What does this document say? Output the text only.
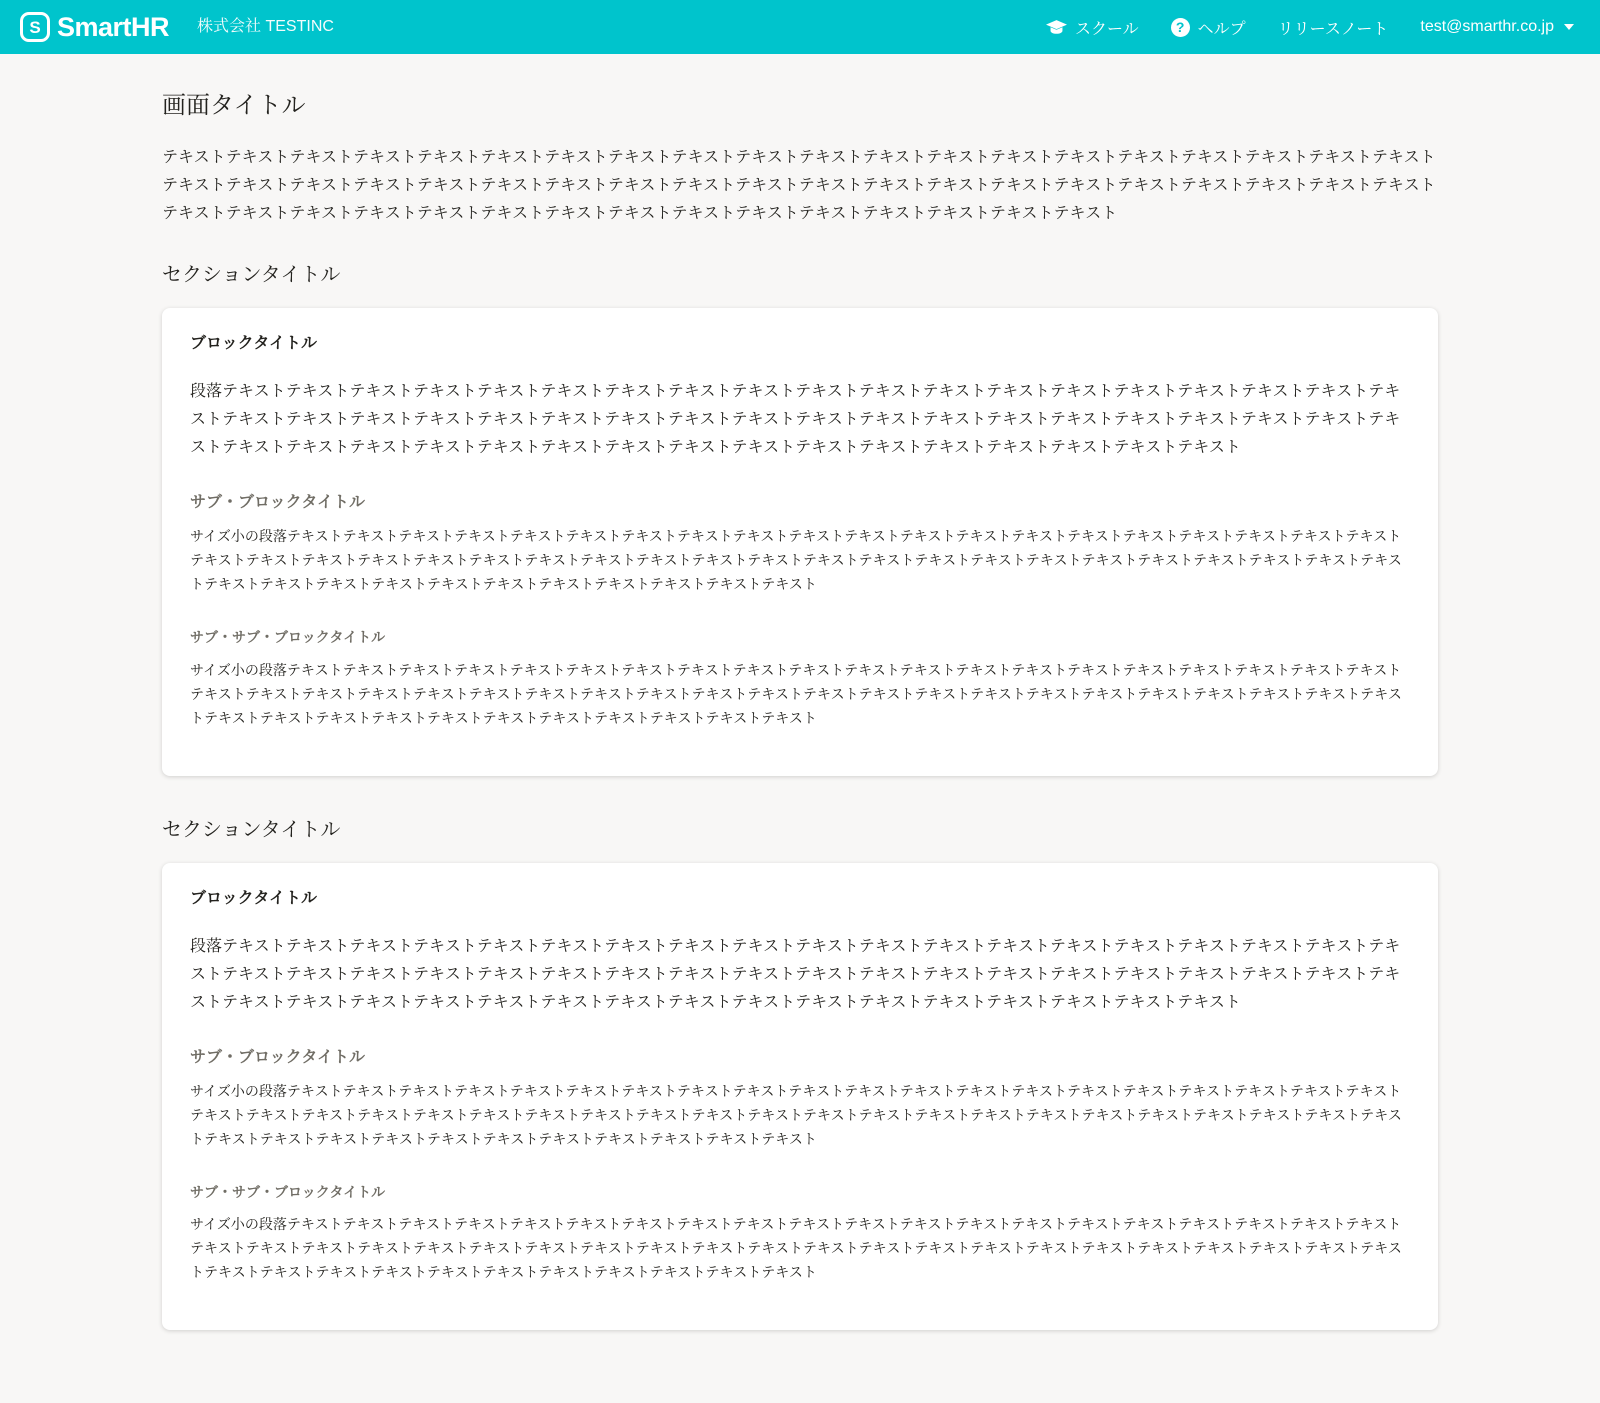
S SmartHR 株式会社 TESTINC	スクール	? ヘルプ リリースノート test@smarthr.co.jp
画面タイトル

テキストテキストテキストテキストテキストテキストテキストテキストテキストテキストテキストテキストテキストテキストテキストテキストテキストテキストテキストテキストテキストテキストテキストテキストテキストテキストテキストテキストテキストテキストテキストテキストテキストテキストテキストテキストテキストテキストテキストテキストテキストテキストテキストテキストテキストテキストテキストテキストテキストテキストテキストテキストテキストテキストテキスト

セクションタイトル
ブロックタイトル

段落テキストテキストテキストテキストテキストテキストテキストテキストテキストテキストテキストテキストテキストテキストテキストテキストテキストテキストテキストテキストテキストテキストテキストテキストテキストテキストテキストテキストテキストテキストテキストテキストテキストテキストテキストテキストテキストテキストテキストテキストテキストテキストテキストテキストテキストテキストテキストテキストテキストテキストテキストテキストテキストテキスト

サブ・ブロックタイトル

サイズ小の段落テキストテキストテキストテキストテキストテキストテキストテキストテキストテキストテキストテキストテキストテキストテキストテキストテキストテキストテキストテキストテキストテキストテキストテキストテキストテキストテキストテキストテキストテキストテキストテキストテキストテキストテキストテキストテキストテキストテキストテキストテキストテキストテキストテキストテキストテキストテキストテキストテキストテキストテキストテキストテキスト

サブ・サブ・ブロックタイトル

サイズ小の段落テキストテキストテキストテキストテキストテキストテキストテキストテキストテキストテキストテキストテキストテキストテキストテキストテキストテキストテキストテキストテキストテキストテキストテキストテキストテキストテキストテキストテキストテキストテキストテキストテキストテキストテキストテキストテキストテキストテキストテキストテキストテキストテキストテキストテキストテキストテキストテキストテキストテキストテキストテキストテキスト

セクションタイトル
ブロックタイトル

段落テキストテキストテキストテキストテキストテキストテキストテキストテキストテキストテキストテキストテキストテキストテキストテキストテキストテキストテキストテキストテキストテキストテキストテキストテキストテキストテキストテキストテキストテキストテキストテキストテキストテキストテキストテキストテキストテキストテキストテキストテキストテキストテキストテキストテキストテキストテキストテキストテキストテキストテキストテキストテキストテキスト

サブ・ブロックタイトル

サイズ小の段落テキストテキストテキストテキストテキストテキストテキストテキストテキストテキストテキストテキストテキストテキストテキストテキストテキストテキストテキストテキストテキストテキストテキストテキストテキストテキストテキストテキストテキストテキストテキストテキストテキストテキストテキストテキストテキストテキストテキストテキストテキストテキストテキストテキストテキストテキストテキストテキストテキストテキストテキストテキストテキスト

サブ・サブ・ブロックタイトル

サイズ小の段落テキストテキストテキストテキストテキストテキストテキストテキストテキストテキストテキストテキストテキストテキストテキストテキストテキストテキストテキストテキストテキストテキストテキストテキストテキストテキストテキストテキストテキストテキストテキストテキストテキストテキストテキストテキストテキストテキストテキストテキストテキストテキストテキストテキストテキストテキストテキストテキストテキストテキストテキストテキストテキスト
